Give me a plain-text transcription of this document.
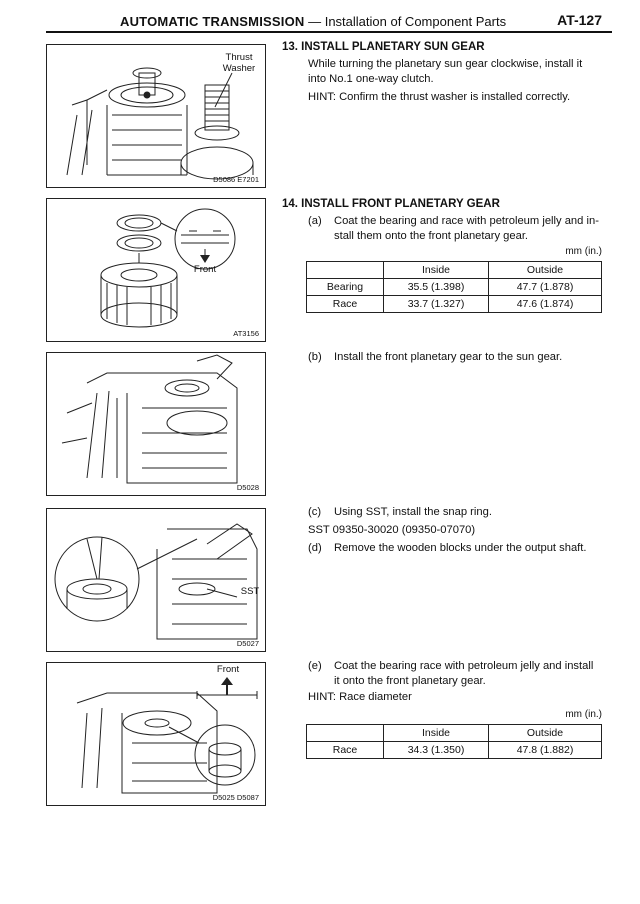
AUTOMATIC TRANSMISSION — Installation of Component Parts	AT-127
Thrust
Washer
D5086 E7201
Front
AT3156
D5028
SST
D5027
Front
D5025 D5087
13. INSTALL PLANETARY SUN GEAR
While turning the planetary sun gear clockwise, install it
into No.1 one-way clutch.
HINT: Confirm the thrust washer is installed correctly.
14. INSTALL FRONT PLANETARY GEAR
(a) Coat the bearing and race with petroleum jelly and in-
stall them onto the front planetary gear.
mm (in.)
	Inside	Outside
Bearing	35.5 (1.398)	47.7 (1.878)
Race	33.7 (1.327)	47.6 (1.874)
(b) Install the front planetary gear to the sun gear.
(c) Using SST, install the snap ring.
SST 09350-30020 (09350-07070)
(d) Remove the wooden blocks under the output shaft.
(e) Coat the bearing race with petroleum jelly and install
it onto the front planetary gear.
HINT: Race diameter
mm (in.)
	Inside	Outside
Race	34.3 (1.350)	47.8 (1.882)
